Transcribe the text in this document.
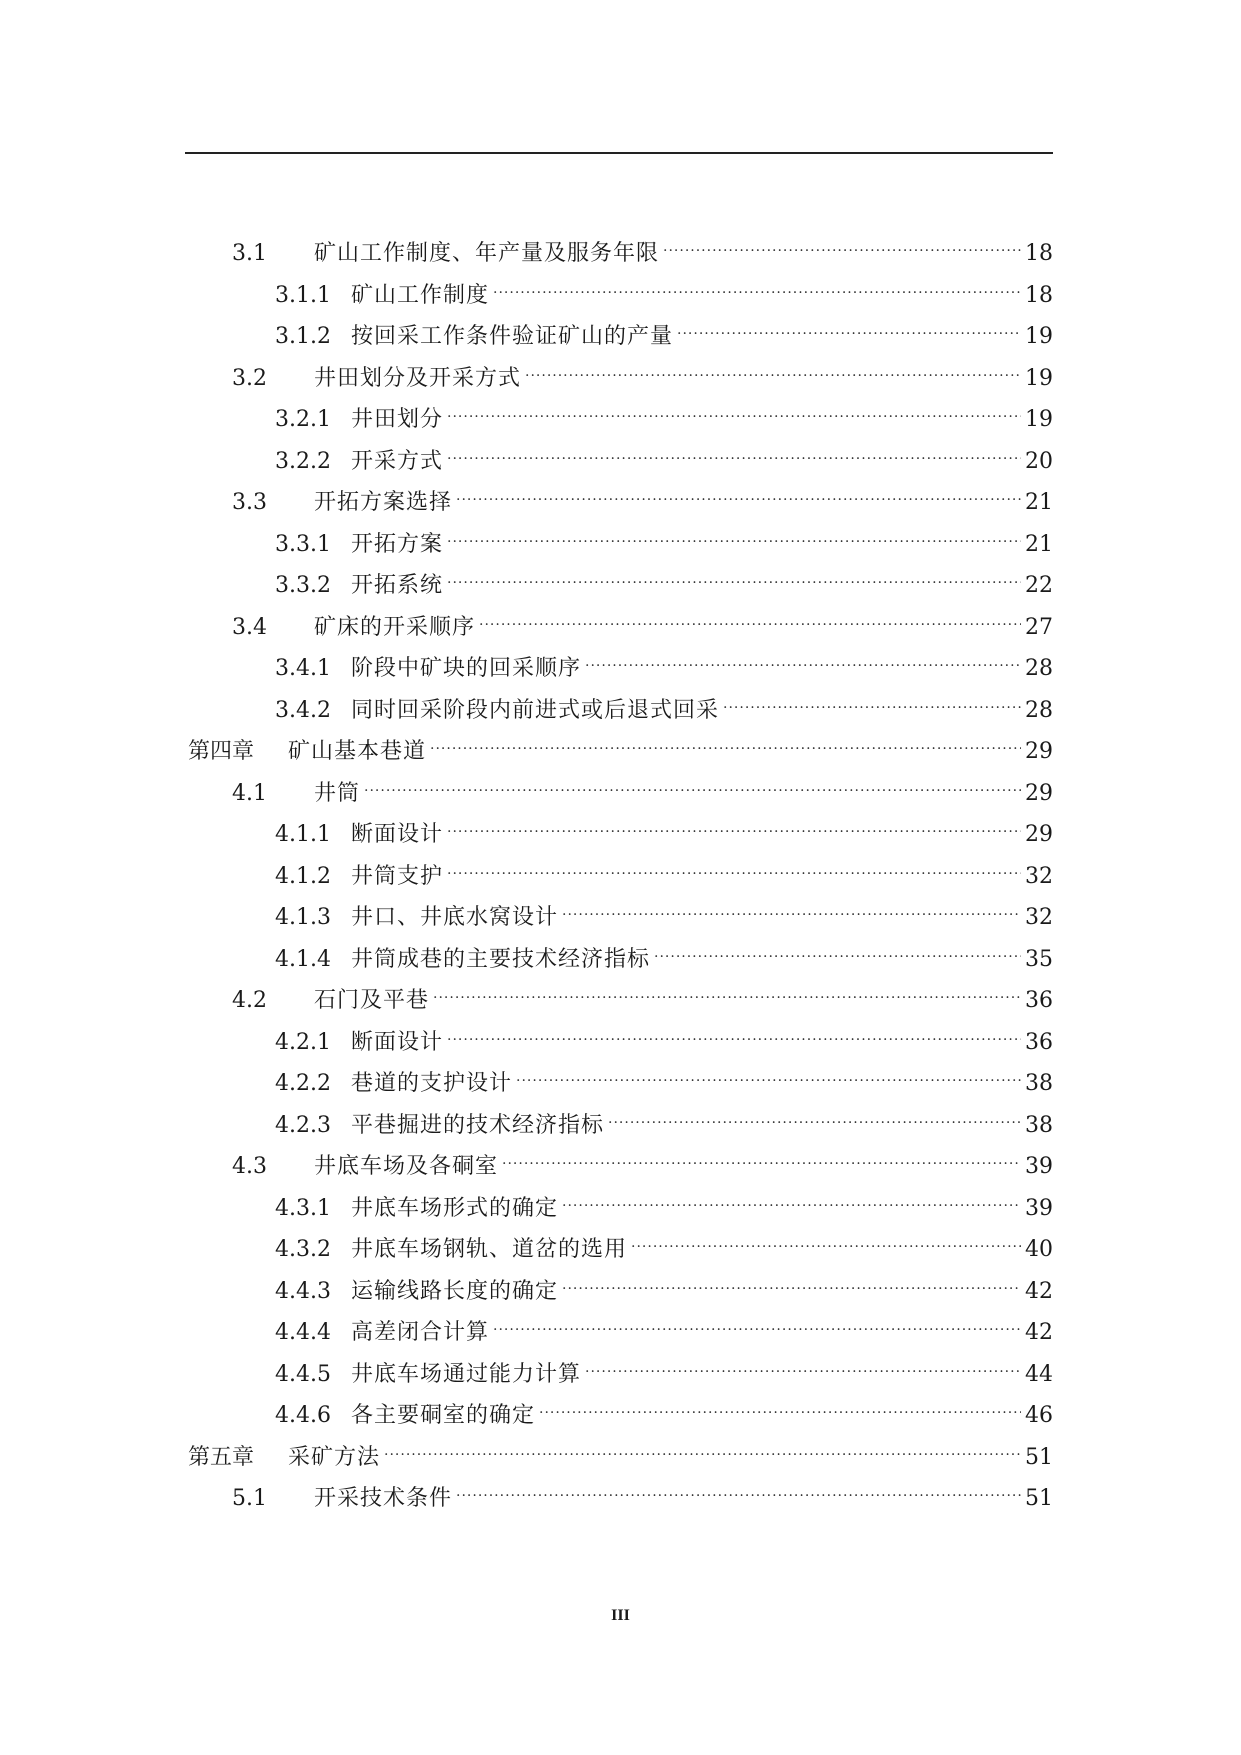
3.1	矿山工作制度、年产量及服务年限 .....	18
3.1.1 矿山工作制度 .....	18
3.1.2 按回采工作条件验证矿山的产量 .....	19
3.2	井田划分及开采方式 .....	19
3.2.1 井田划分 .....	19
3.2.2 开采方式 .....	20
3.3	开拓方案选择 .....	21
3.3.1 开拓方案 .....	21
3.3.2 开拓系统 .....	22
3.4	矿床的开采顺序 .....	27
3.4.1 阶段中矿块的回采顺序 .....	28
3.4.2 同时回采阶段内前进式或后退式回采 .....	28
第四章	矿山基本巷道 .....	29
4.1	井筒 .....	29
4.1.1 断面设计 .....	29
4.1.2 井筒支护 .....	32
4.1.3 井口、井底水窝设计 .....	32
4.1.4 井筒成巷的主要技术经济指标 .....	35
4.2	石门及平巷 .....	36
4.2.1 断面设计 .....	36
4.2.2 巷道的支护设计 .....	38
4.2.3 平巷掘进的技术经济指标 .....	38
4.3	井底车场及各硐室 .....	39
4.3.1 井底车场形式的确定 .....	39
4.3.2 井底车场钢轨、道岔的选用 .....	40
4.4.3 运输线路长度的确定 .....	42
4.4.4 高差闭合计算 .....	42
4.4.5 井底车场通过能力计算 .....	44
4.4.6 各主要硐室的确定 .....	46
第五章	采矿方法 .....	51
5.1	开采技术条件 .....	51
III
